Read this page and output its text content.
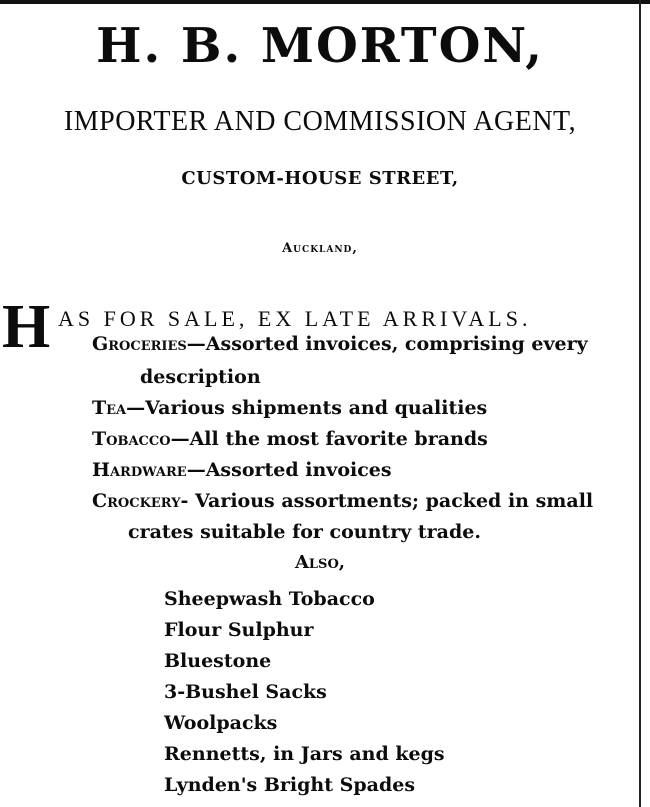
H. B. MORTON,
IMPORTER AND COMMISSION AGENT,
CUSTOM-HOUSE STREET,
Auckland,
H AS FOR SALE, EX LATE ARRIVALS.
Groceries—Assorted invoices, comprising every
description
Tea—Various shipments and qualities
Tobacco—All the most favorite brands
Hardware—Assorted invoices
Crockery- Various assortments; packed in small
crates suitable for country trade.
Also,
Sheepwash Tobacco
Flour Sulphur
Bluestone
3-Bushel Sacks
Woolpacks
Rennetts, in Jars and kegs
Lynden's Bright Spades
